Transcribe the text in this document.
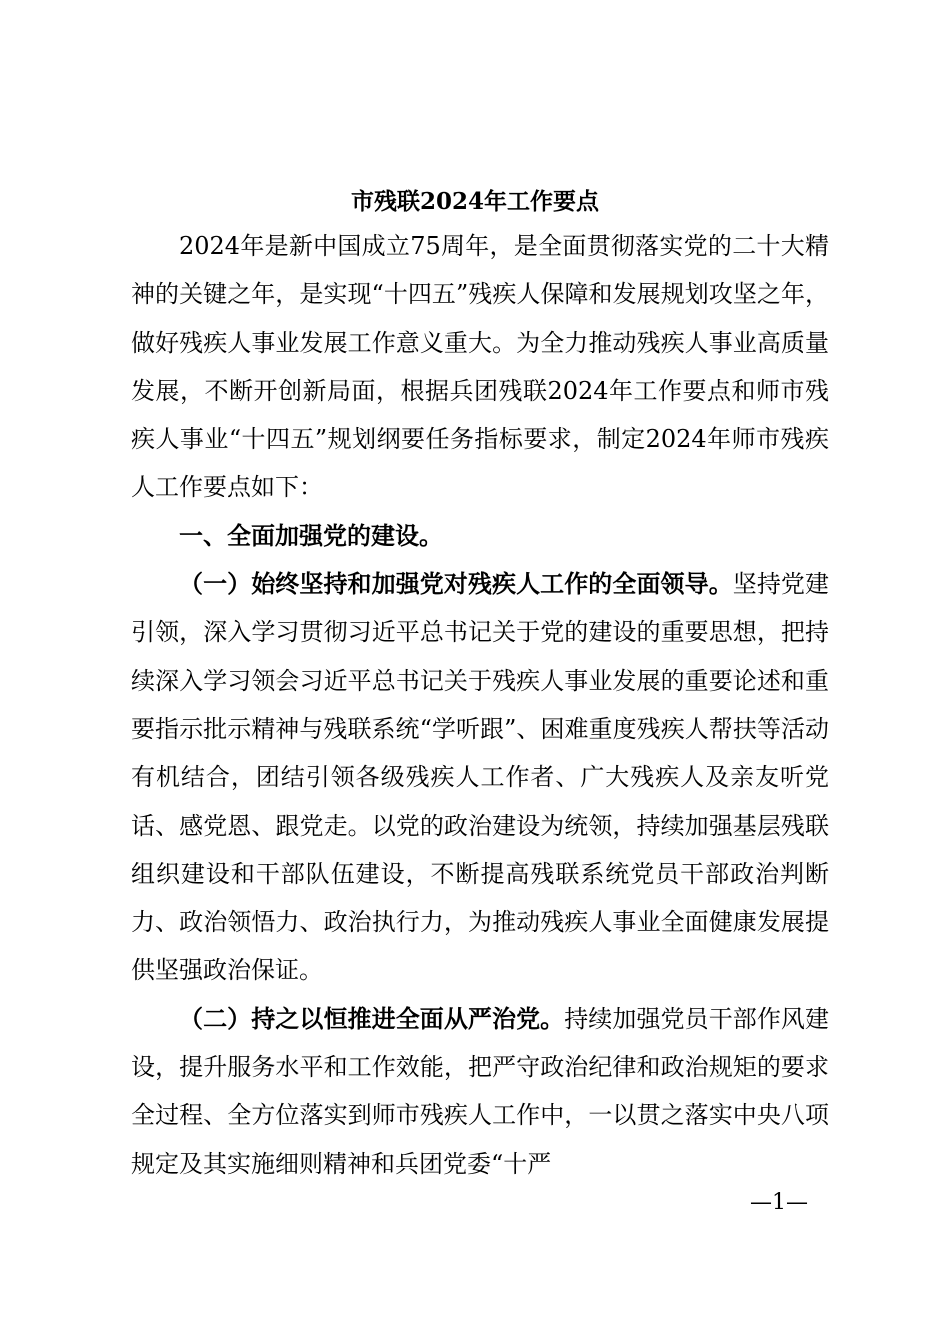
市残联2024年工作要点

2024年是新中国成立75周年，是全面贯彻落实党的二十大精神的关键之年，是实现“十四五”残疾人保障和发展规划攻坚之年，做好残疾人事业发展工作意义重大。为全力推动残疾人事业高质量发展，不断开创新局面，根据兵团残联2024年工作要点和师市残疾人事业“十四五”规划纲要任务指标要求，制定2024年师市残疾人工作要点如下：

一、全面加强党的建设。

（一）始终坚持和加强党对残疾人工作的全面领导。坚持党建引领，深入学习贯彻习近平总书记关于党的建设的重要思想，把持续深入学习领会习近平总书记关于残疾人事业发展的重要论述和重要指示批示精神与残联系统“学听跟”、困难重度残疾人帮扶等活动有机结合，团结引领各级残疾人工作者、广大残疾人及亲友听党话、感党恩、跟党走。以党的政治建设为统领，持续加强基层残联组织建设和干部队伍建设，不断提高残联系统党员干部政治判断力、政治领悟力、政治执行力，为推动残疾人事业全面健康发展提供坚强政治保证。

（二）持之以恒推进全面从严治党。持续加强党员干部作风建设，提升服务水平和工作效能，把严守政治纪律和政治规矩的要求全过程、全方位落实到师市残疾人工作中，一以贯之落实中央八项规定及其实施细则精神和兵团党委“十严

—1—
